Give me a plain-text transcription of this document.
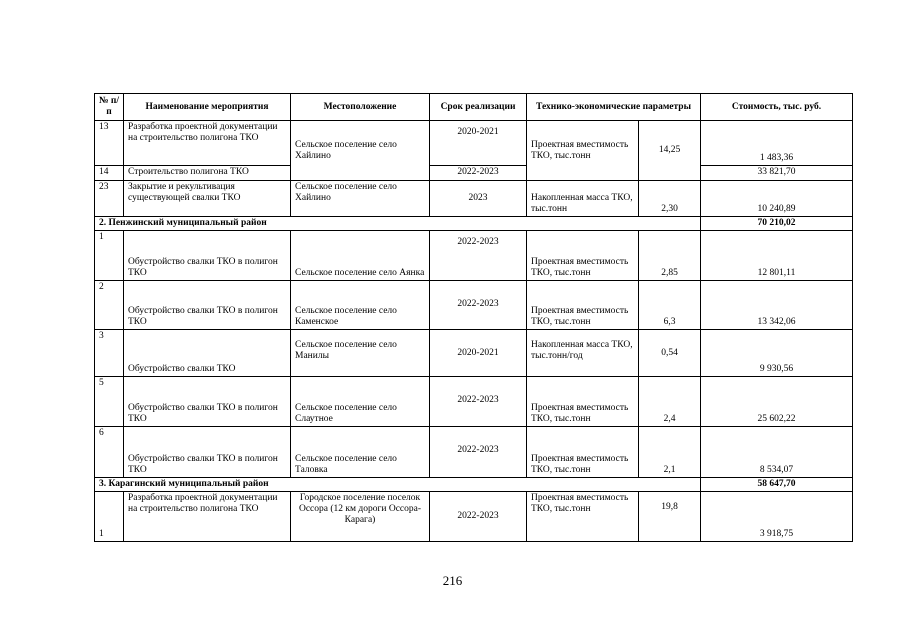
№ п/п	Наименование мероприятия	Местоположение	Срок реализации	Технико-экономические параметры		Стоимость, тыс. руб.
13	Разработка проектной документации на строительство полигона ТКО	Сельское поселение село Хайлино	2020-2021	Проектная вместимость ТКО, тыс.тонн	14,25	1 483,36
14	Строительство полигона ТКО		2022-2023			33 821,70
23	Закрытие и рекультивация существующей свалки ТКО	Сельское поселение село Хайлино	2023	Накопленная масса ТКО, тыс.тонн	2,30	10 240,89
2. Пенжинский муниципальный район						70 210,02
1	Обустройство свалки ТКО в полигон ТКО	Сельское поселение село Аянка	2022-2023	Проектная вместимость ТКО, тыс.тонн	2,85	12 801,11
2	Обустройство свалки ТКО в полигон ТКО	Сельское поселение село Каменское	2022-2023	Проектная вместимость ТКО, тыс.тонн	6,3	13 342,06
3	Обустройство свалки ТКО	Сельское поселение село Манилы	2020-2021	Накопленная масса ТКО, тыс.тонн/год	0,54	9 930,56
5	Обустройство свалки ТКО в полигон ТКО	Сельское поселение село Слаутное	2022-2023	Проектная вместимость ТКО, тыс.тонн	2,4	25 602,22
6	Обустройство свалки ТКО в полигон ТКО	Сельское поселение село Таловка	2022-2023	Проектная вместимость ТКО, тыс.тонн	2,1	8 534,07
3. Карагинский муниципальный район						58 647,70
1	Разработка проектной документации на строительство полигона ТКО	Городское поселение поселок Оссора (12 км дороги Оссора-Карага)	2022-2023	Проектная вместимость ТКО, тыс.тонн	19,8	3 918,75
216
